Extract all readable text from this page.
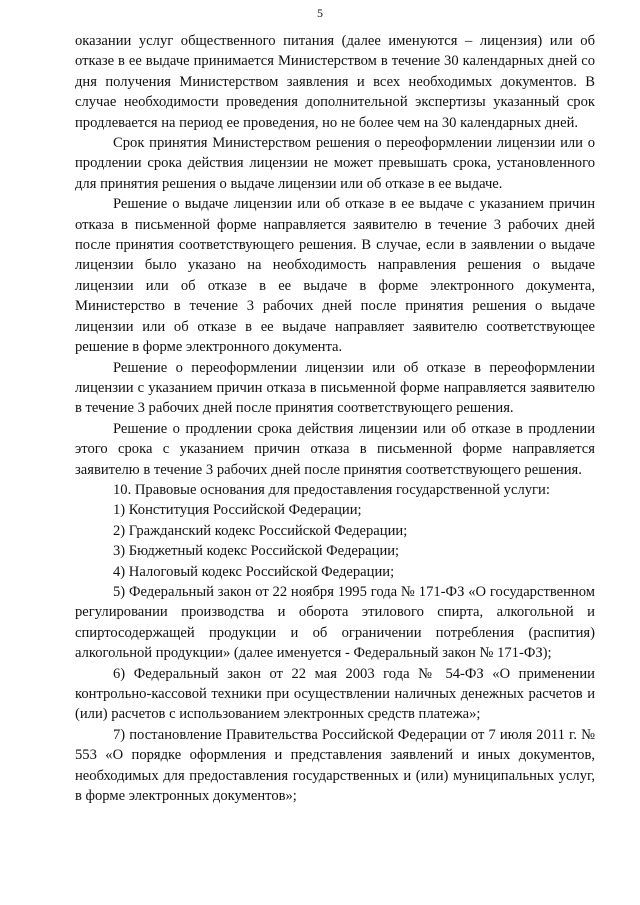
5

оказании услуг общественного питания (далее именуются – лицензия) или об отказе в ее выдаче принимается Министерством в течение 30 календарных дней со дня получения Министерством заявления и всех необходимых документов. В случае необходимости проведения дополнительной экспертизы указанный срок продлевается на период ее проведения, но не более чем на 30 календарных дней.

Срок принятия Министерством решения о переоформлении лицензии или о продлении срока действия лицензии не может превышать срока, установленного для принятия решения о выдаче лицензии или об отказе в ее выдаче.

Решение о выдаче лицензии или об отказе в ее выдаче с указанием причин отказа в письменной форме направляется заявителю в течение 3 рабочих дней после принятия соответствующего решения. В случае, если в заявлении о выдаче лицензии было указано на необходимость направления решения о выдаче лицензии или об отказе в ее выдаче в форме электронного документа, Министерство в течение 3 рабочих дней после принятия решения о выдаче лицензии или об отказе в ее выдаче направляет заявителю соответствующее решение в форме электронного документа.

Решение о переоформлении лицензии или об отказе в переоформлении лицензии с указанием причин отказа в письменной форме направляется заявителю в течение 3 рабочих дней после принятия соответствующего решения.

Решение о продлении срока действия лицензии или об отказе в продлении этого срока с указанием причин отказа в письменной форме направляется заявителю в течение 3 рабочих дней после принятия соответствующего решения.

10. Правовые основания для предоставления государственной услуги:

1) Конституция Российской Федерации;

2) Гражданский кодекс Российской Федерации;

3) Бюджетный кодекс Российской Федерации;

4) Налоговый кодекс Российской Федерации;

5) Федеральный закон от 22 ноября 1995 года № 171-ФЗ «О государственном регулировании производства и оборота этилового спирта, алкогольной и спиртосодержащей продукции и об ограничении потребления (распития) алкогольной продукции» (далее именуется - Федеральный закон № 171-ФЗ);

6) Федеральный закон от 22 мая 2003 года № 54-ФЗ «О применении контрольно-кассовой техники при осуществлении наличных денежных расчетов и (или) расчетов с использованием электронных средств платежа»;

7) постановление Правительства Российской Федерации от 7 июля 2011 г. № 553 «О порядке оформления и представления заявлений и иных документов, необходимых для предоставления государственных и (или) муниципальных услуг, в форме электронных документов»;
